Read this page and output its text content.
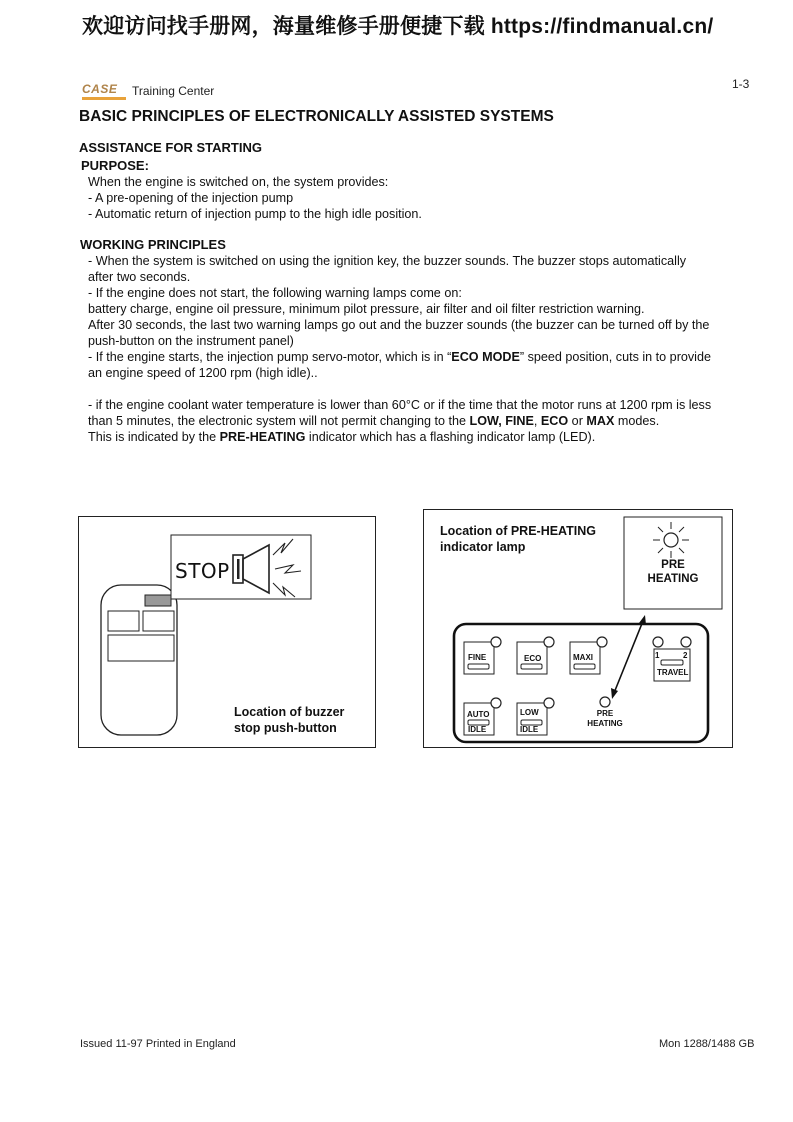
欢迎访问找手册网，海量维修手册便捷下载 https://findmanual.cn/
CASE Training Center	1-3
BASIC PRINCIPLES OF ELECTRONICALLY ASSISTED SYSTEMS
ASSISTANCE FOR STARTING
PURPOSE:
When the engine is switched on, the system provides:
- A pre-opening of the injection pump
- Automatic return of injection pump to the high idle position.
WORKING PRINCIPLES
- When the system is switched on using the ignition key, the buzzer sounds. The buzzer stops automatically
after two seconds.
- If the engine does not start, the following warning lamps come on:
battery charge, engine oil pressure, minimum pilot pressure, air filter and oil filter restriction warning.
After 30 seconds, the last two warning lamps go out and the buzzer sounds (the buzzer can be turned off by the
push-button on the instrument panel)
- If the engine starts, the injection pump servo-motor, which is in “ECO MODE” speed position, cuts in to provide
an engine speed of 1200 rpm (high idle)..
- if the engine coolant water temperature is lower than 60°C or if the time that the motor runs at 1200 rpm is less
than 5 minutes, the electronic system will not permit changing to the LOW, FINE, ECO or MAX modes.
This is indicated by the PRE-HEATING indicator which has a flashing indicator lamp (LED).
STOP
Location of buzzer
stop push-button
Location of PRE-HEATING
indicator lamp
PRE
HEATING
FINE	ECO	MAXI	1	2
TRAVEL
AUTO
IDLE
LOW
IDLE
PRE
HEATING
Issued 11-97 Printed in England	Mon 1288/1488 GB
